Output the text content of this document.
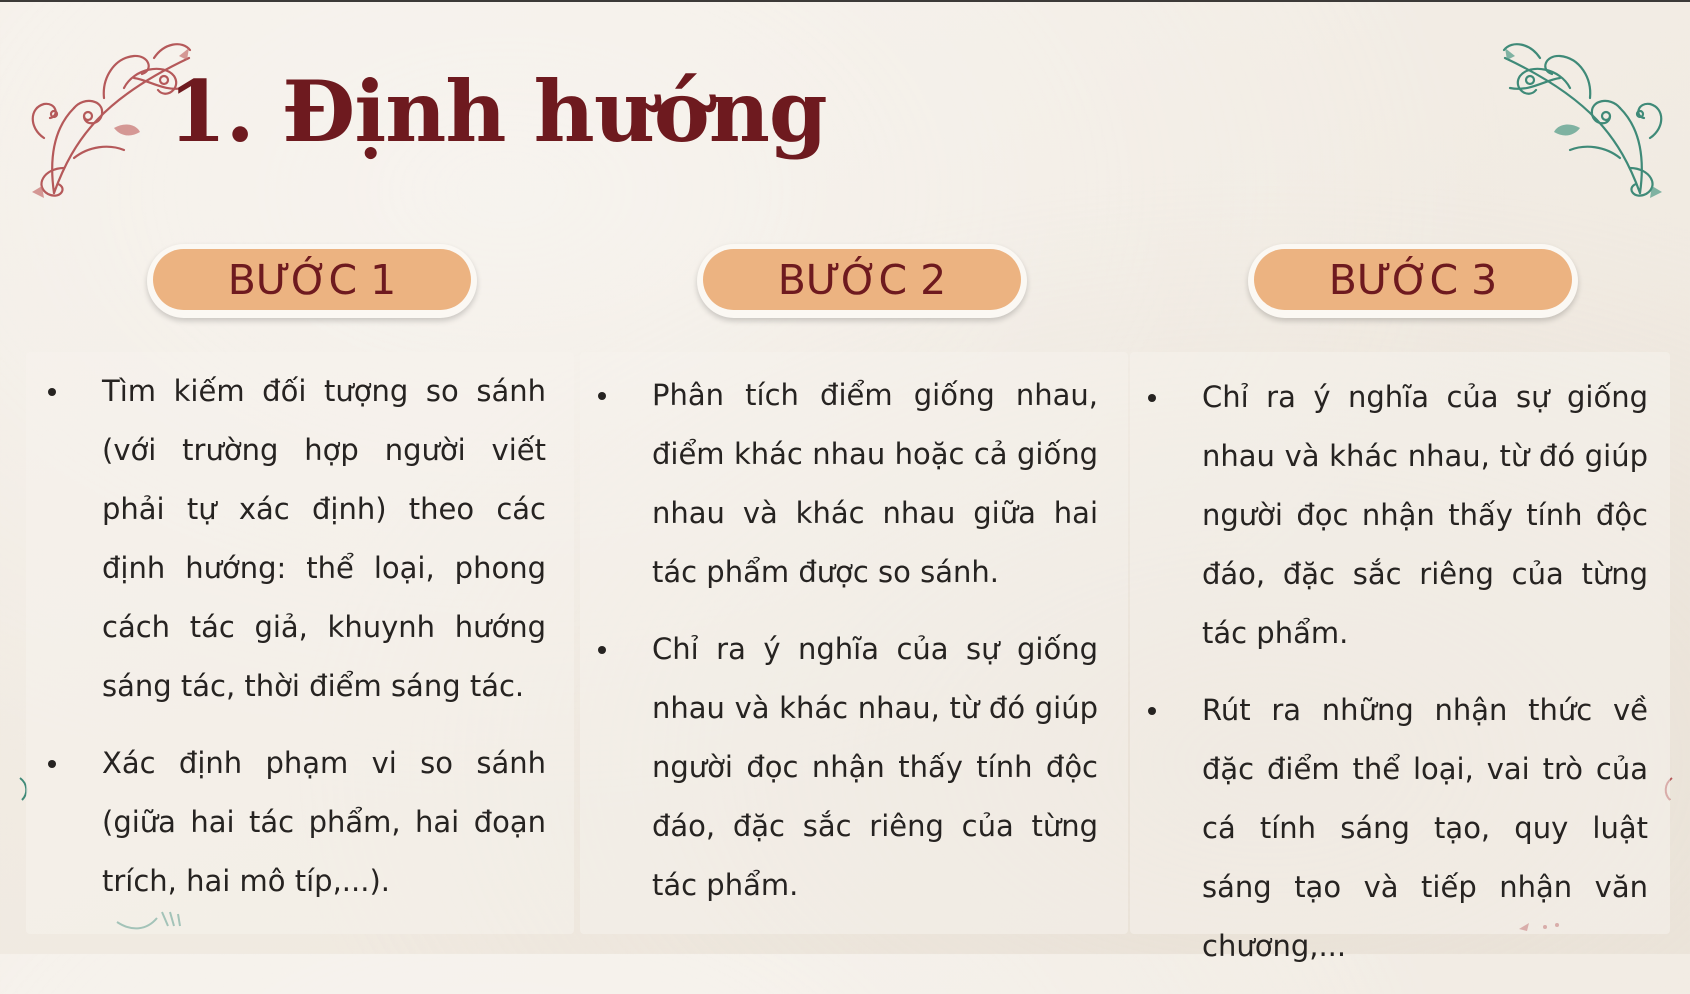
1. Định hướng
BƯỚC 1
Tìm kiếm đối tượng so sánh (với trường hợp người viết phải tự xác định) theo các định hướng: thể loại, phong cách tác giả, khuynh hướng sáng tác, thời điểm sáng tác.
Xác định phạm vi so sánh (giữa hai tác phẩm, hai đoạn trích, hai mô típ,...).
BƯỚC 2
Phân tích điểm giống nhau, điểm khác nhau hoặc cả giống nhau và khác nhau giữa hai tác phẩm được so sánh.
Chỉ ra ý nghĩa của sự giống nhau và khác nhau, từ đó giúp người đọc nhận thấy tính độc đáo, đặc sắc riêng của từng tác phẩm.
BƯỚC 3
Chỉ ra ý nghĩa của sự giống nhau và khác nhau, từ đó giúp người đọc nhận thấy tính độc đáo, đặc sắc riêng của từng tác phẩm.
Rút ra những nhận thức về đặc điểm thể loại, vai trò của cá tính sáng tạo, quy luật sáng tạo và tiếp nhận văn chương,...
